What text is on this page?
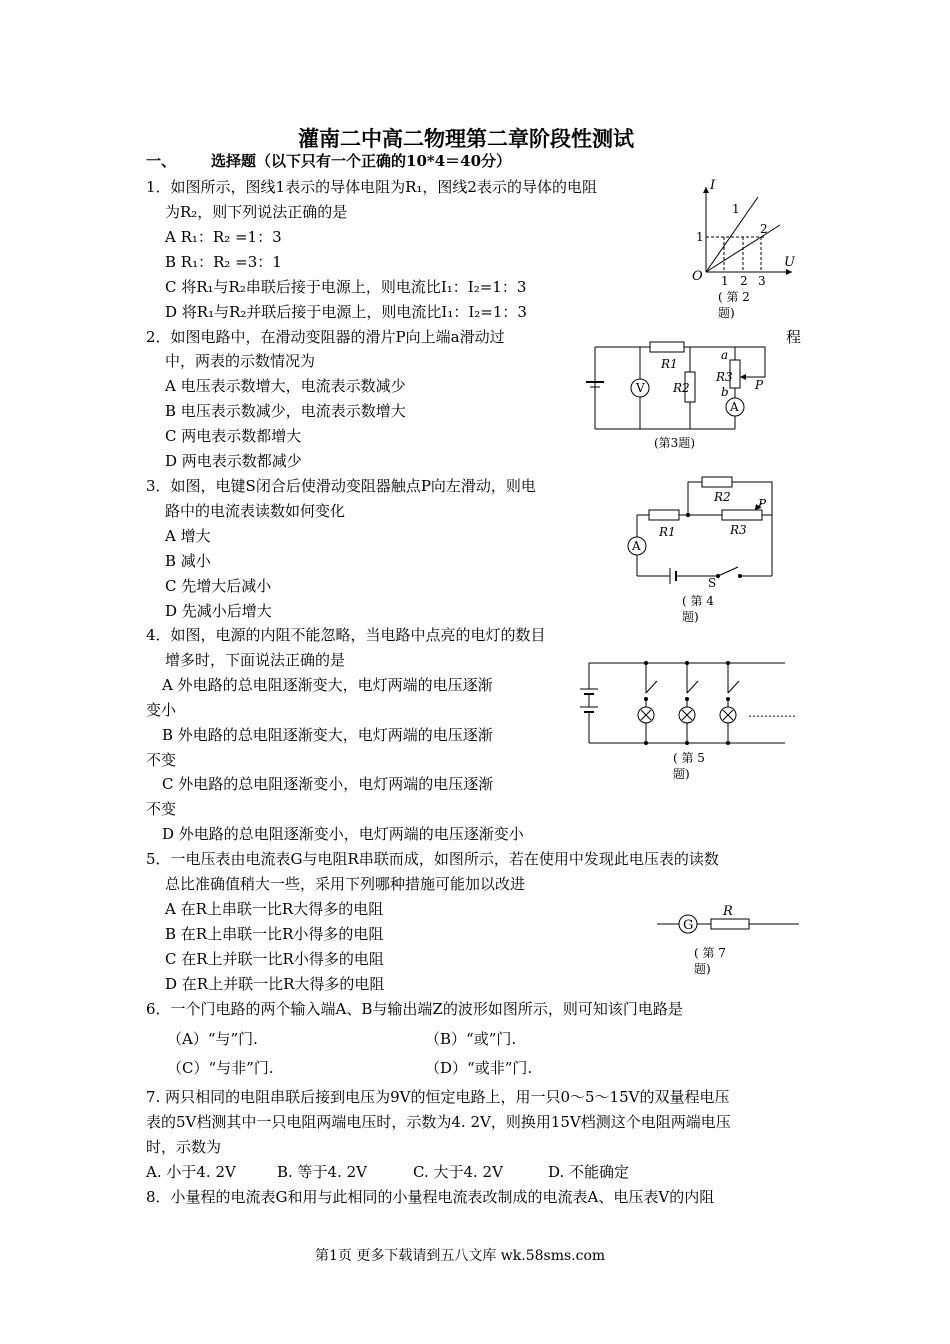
灌南二中高二物理第二章阶段性测试
一、 选择题（以下只有一个正确的10*4＝40分）
1．如图所示，图线1表示的导体电阻为R₁，图线2表示的导体的电阻
为R₂，则下列说法正确的是
A R₁：R₂ =1：3
B R₁：R₂ =3：1
C 将R₁与R₂串联后接于电源上，则电流比I₁：I₂=1：3
D 将R₁与R₂并联后接于电源上，则电流比I₁：I₂=1：3
I
U
O
1
2
1
1 2 3
( 第 2
题)
2．如图电路中，在滑动变阻器的滑片P向上端a滑动过	程
中，两表的示数情况为
A 电压表示数增大，电流表示数减少
B 电压表示数减少，电流表示数增大
C 两电表示数都增大
D 两电表示数都减少
V
A
R1
R2
R3
a
b P
(第3题)
3．如图，电键S闭合后使滑动变阻器触点P向左滑动，则电
路中的电流表读数如何变化
A 增大
B 减小
C 先增大后减小
D 先减小后增大
A
R2
R1	R3
P
S
( 第 4
题)
4．如图，电源的内阻不能忽略，当电路中点亮的电灯的数目
增多时，下面说法正确的是
A 外电路的总电阻逐渐变大，电灯两端的电压逐渐
变小
B 外电路的总电阻逐渐变大，电灯两端的电压逐渐
不变
C 外电路的总电阻逐渐变小，电灯两端的电压逐渐
不变
D 外电路的总电阻逐渐变小，电灯两端的电压逐渐变小
…………
( 第 5
题)
5．一电压表由电流表G与电阻R串联而成，如图所示，若在使用中发现此电压表的读数
总比准确值稍大一些，采用下列哪种措施可能加以改进
A 在R上串联一比R大得多的电阻
B 在R上串联一比R小得多的电阻
C 在R上并联一比R小得多的电阻
D 在R上并联一比R大得多的电阻
G
R
( 第 7
题)
6．一个门电路的两个输入端A、B与输出端Z的波形如图所示，则可知该门电路是
（A）“与”门.	（B）“或”门.
（C）“与非”门.	（D）“或非”门.
7. 两只相同的电阻串联后接到电压为9V的恒定电路上，用一只0～5～15V的双量程电压
表的5V档测其中一只电阻两端电压时，示数为4. 2V，则换用15V档测这个电阻两端电压
时，示数为
A. 小于4. 2V	B. 等于4. 2V	C. 大于4. 2V	D. 不能确定
8．小量程的电流表G和用与此相同的小量程电流表改制成的电流表A、电压表V的内阻
第1页 更多下载请到五八文库 wk.58sms.com
